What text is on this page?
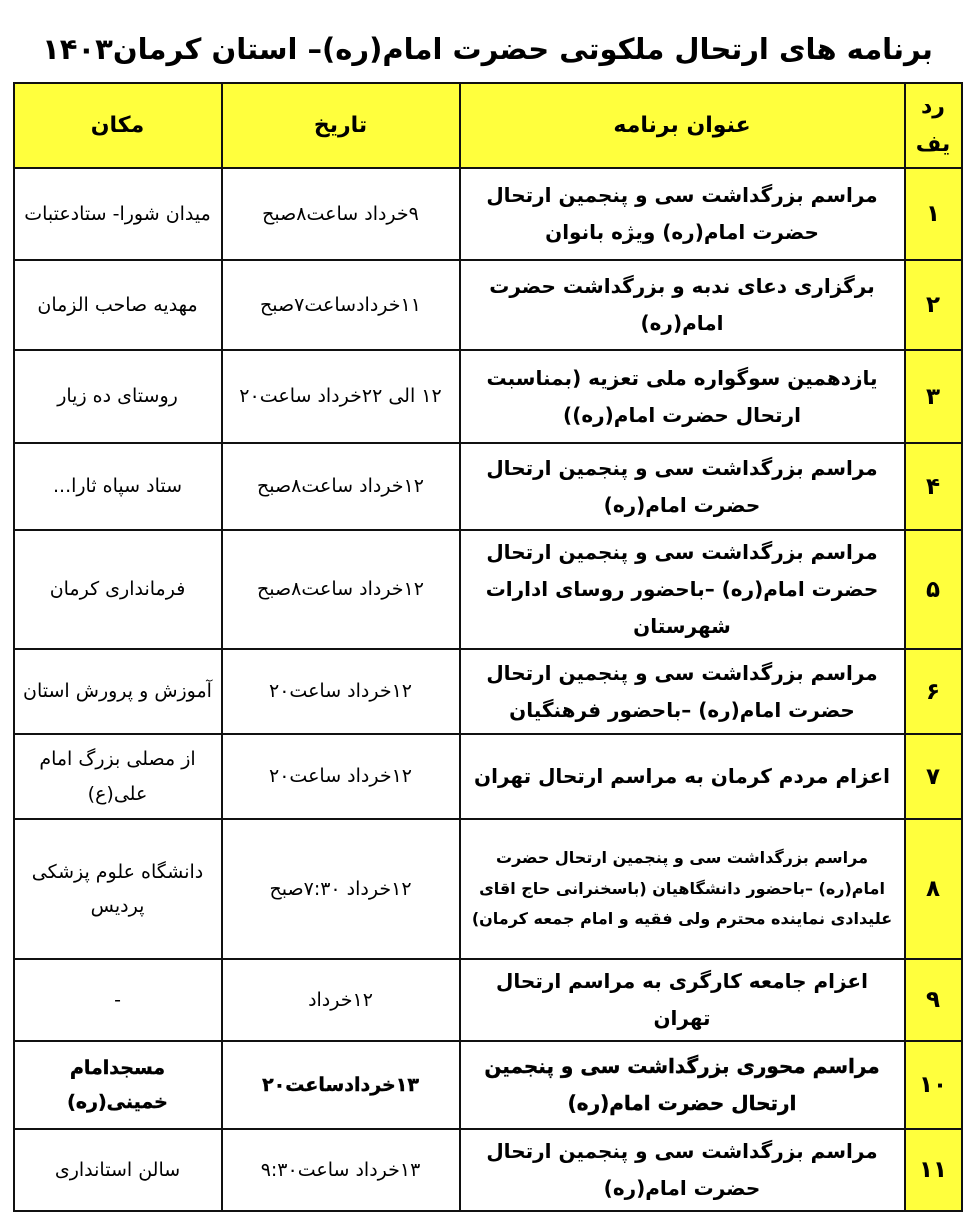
برنامه های ارتحال ملکوتی حضرت امام(ره)– استان کرمان۱۴۰۳
رد
یف	عنوان برنامه	تاریخ	مکان
۱	مراسم بزرگداشت سی و پنجمین ارتحال حضرت امام(ره) ویژه بانوان	۹خرداد ساعت۸صبح	میدان شورا- ستادعتبات
۲	برگزاری دعای ندبه و بزرگداشت حضرت امام(ره)	۱۱خردادساعت۷صبح	مهدیه صاحب الزمان
۳	یازدهمین سوگواره ملی تعزیه (بمناسبت ارتحال حضرت امام(ره))	۱۲ الی ۲۲خرداد ساعت۲۰	روستای ده زیار
۴	مراسم بزرگداشت سی و پنجمین ارتحال حضرت امام(ره)	۱۲خرداد ساعت۸صبح	ستاد سپاه ثارا...
۵	مراسم بزرگداشت سی و پنجمین ارتحال حضرت امام(ره) –باحضور روسای ادارات شهرستان	۱۲خرداد ساعت۸صبح	فرمانداری کرمان
۶	مراسم بزرگداشت سی و پنجمین ارتحال حضرت امام(ره) –باحضور فرهنگیان	۱۲خرداد ساعت۲۰	آموزش و پرورش استان
۷	اعزام مردم کرمان به مراسم ارتحال تهران	۱۲خرداد ساعت۲۰	از مصلی بزرگ امام علی(ع)
۸	مراسم بزرگداشت سی و پنجمین ارتحال حضرت امام(ره) –باحضور دانشگاهیان (باسخنرانی حاج اقای علیدادی نماینده محترم ولی فقیه و امام جمعه کرمان)	۱۲خرداد ۷:۳۰صبح	دانشگاه علوم پزشکی پردیس
۹	اعزام جامعه کارگری به مراسم ارتحال تهران	۱۲خرداد	-
۱۰	مراسم محوری بزرگداشت سی و پنجمین ارتحال حضرت امام(ره)	۱۳خردادساعت۲۰	مسجدامام خمینی(ره)
۱۱	مراسم بزرگداشت سی و پنجمین ارتحال حضرت امام(ره)	۱۳خرداد ساعت۹:۳۰	سالن استانداری
